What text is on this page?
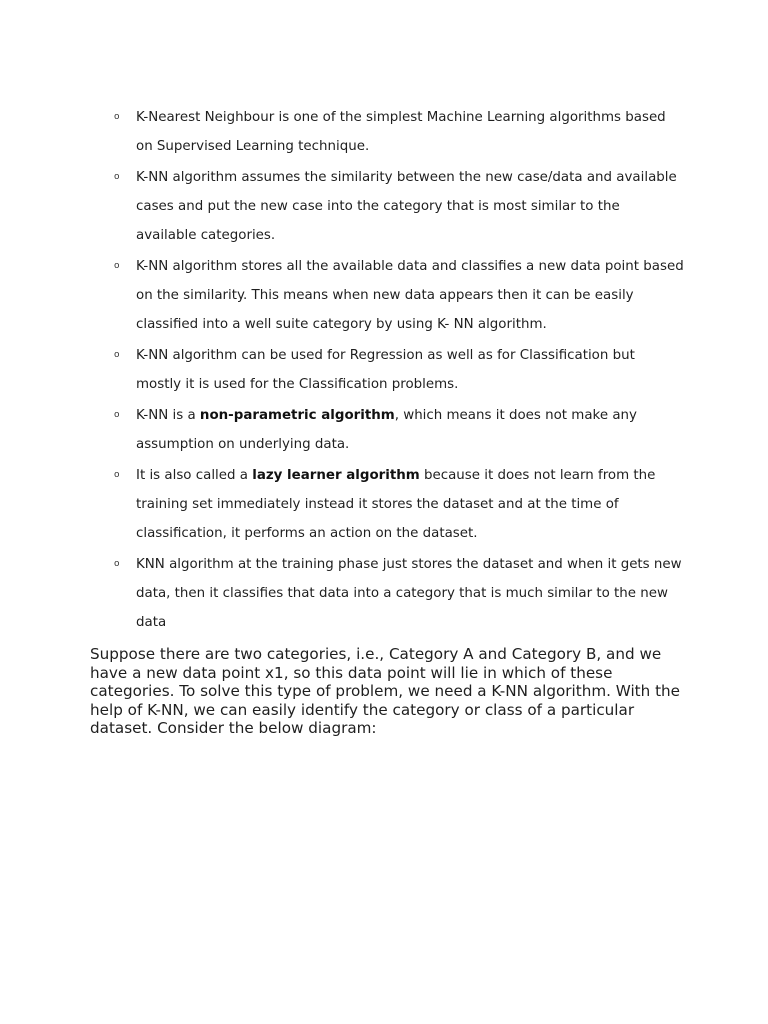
o K-Nearest Neighbour is one of the simplest Machine Learning algorithms based on Supervised Learning technique.
o K-NN algorithm assumes the similarity between the new case/data and available cases and put the new case into the category that is most similar to the available categories.
o K-NN algorithm stores all the available data and classifies a new data point based on the similarity. This means when new data appears then it can be easily classified into a well suite category by using K- NN algorithm.
o K-NN algorithm can be used for Regression as well as for Classification but mostly it is used for the Classification problems.
o K-NN is a non-parametric algorithm, which means it does not make any assumption on underlying data.
o It is also called a lazy learner algorithm because it does not learn from the training set immediately instead it stores the dataset and at the time of classification, it performs an action on the dataset.
o KNN algorithm at the training phase just stores the dataset and when it gets new data, then it classifies that data into a category that is much similar to the new data

Suppose there are two categories, i.e., Category A and Category B, and we have a new data point x1, so this data point will lie in which of these categories. To solve this type of problem, we need a K-NN algorithm. With the help of K-NN, we can easily identify the category or class of a particular dataset. Consider the below diagram:
